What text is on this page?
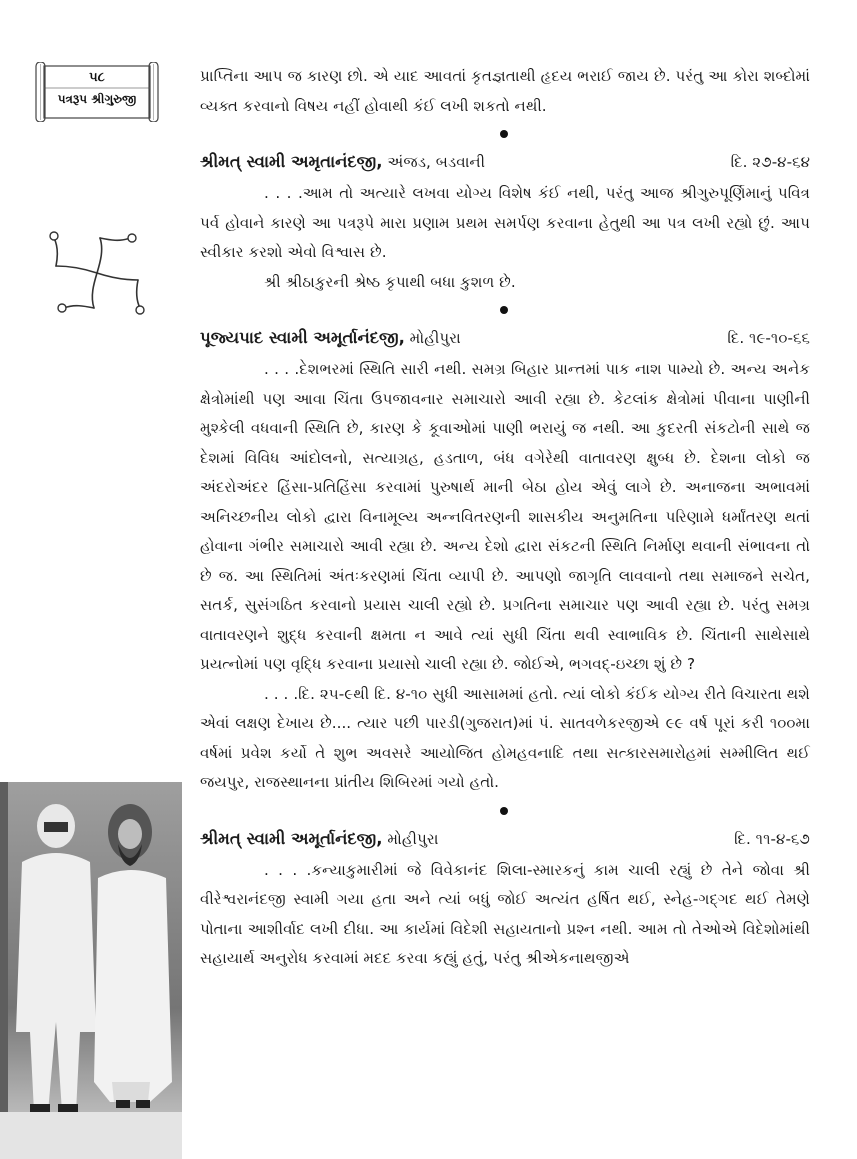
૫૮
પત્રરૂપ શ્રીગુરુજી

પ્રાપ્તિના આપ જ કારણ છો. એ યાદ આવતાં કૃતજ્ઞતાથી હૃદય ભરાઈ જાય છે. પરંતુ આ કોરા શબ્દોમાં વ્યક્ત કરવાનો વિષય નહીં હોવાથી કંઈ લખી શકતો નથી.

શ્રીમત્ સ્વામી અમૃતાનંદજી, અંજડ, બડવાની	દિ. ૨૭-૪-૬૪

. . . .આમ તો અત્યારે લખવા યોગ્ય વિશેષ કંઈ નથી, પરંતુ આજ શ્રીગુરુપૂર્ણિમાનું પવિત્ર પર્વ હોવાને કારણે આ પત્રરૂપે મારા પ્રણામ પ્રથમ સમર્પણ કરવાના હેતુથી આ પત્ર લખી રહ્યો છું. આપ સ્વીકાર કરશો એવો વિશ્વાસ છે.

શ્રી શ્રીઠાકુરની શ્રેષ્ઠ કૃપાથી બધા કુશળ છે.

પૂજ્યપાદ સ્વામી અમૂર્તાનંદજી, મોહીપુરા	દિ. ૧૯-૧૦-૬૬

. . . .દેશભરમાં સ્થિતિ સારી નથી. સમગ્ર બિહાર પ્રાન્તમાં પાક નાશ પામ્યો છે. અન્ય અનેક ક્ષેત્રોમાંથી પણ આવા ચિંતા ઉપજાવનાર સમાચારો આવી રહ્યા છે. કેટલાંક ક્ષેત્રોમાં પીવાના પાણીની મુશ્કેલી વધવાની સ્થિતિ છે, કારણ કે કૂવાઓમાં પાણી ભરાયું જ નથી. આ કુદરતી સંકટોની સાથે જ દેશમાં વિવિધ આંદોલનો, સત્યાગ્રહ, હડતાળ, બંધ વગેરેથી વાતાવરણ ક્ષુબ્ધ છે. દેશના લોકો જ અંદરોઅંદર હિંસા-પ્રતિહિંસા કરવામાં પુરુષાર્થ માની બેઠા હોય એવું લાગે છે. અનાજના અભાવમાં અનિચ્છનીય લોકો દ્વારા વિનામૂલ્ય અન્નવિતરણની શાસકીય અનુમતિના પરિણામે ધર્માંતરણ થતાં હોવાના ગંભીર સમાચારો આવી રહ્યા છે. અન્ય દેશો દ્વારા સંકટની સ્થિતિ નિર્માણ થવાની સંભાવના તો છે જ. આ સ્થિતિમાં અંતઃકરણમાં ચિંતા વ્યાપી છે. આપણો જાગૃતિ લાવવાનો તથા સમાજને સચેત, સતર્ક, સુસંગઠિત કરવાનો પ્રયાસ ચાલી રહ્યો છે. પ્રગતિના સમાચાર પણ આવી રહ્યા છે. પરંતુ સમગ્ર વાતાવરણને શુદ્ધ કરવાની ક્ષમતા ન આવે ત્યાં સુધી ચિંતા થવી સ્વાભાવિક છે. ચિંતાની સાથેસાથે પ્રયત્નોમાં પણ વૃદ્ધિ કરવાના પ્રયાસો ચાલી રહ્યા છે. જોઈએ, ભગવદ્-ઇચ્છા શું છે ?

. . . .દિ. ૨૫-૯થી દિ. ૪-૧૦ સુધી આસામમાં હતો. ત્યાં લોકો કંઈક યોગ્ય રીતે વિચારતા થશે એવાં લક્ષણ દેખાય છે.... ત્યાર પછી પારડી(ગુજરાત)માં પં. સાતવળેકરજીએ ૯૯ વર્ષ પૂરાં કરી ૧૦૦મા વર્ષમાં પ્રવેશ કર્યો તે શુભ અવસરે આયોજિત હોમહવનાદિ તથા સત્કારસમારોહમાં સમ્મીલિત થઈ જયપુર, રાજસ્થાનના પ્રાંતીય શિબિરમાં ગયો હતો.

શ્રીમત્ સ્વામી અમૂર્તાનંદજી, મોહીપુરા	દિ. ૧૧-૪-૬૭

. . . .કન્યાકુમારીમાં જે વિવેકાનંદ શિલા-સ્મારકનું કામ ચાલી રહ્યું છે તેને જોવા શ્રી વીરેશ્વરાનંદજી સ્વામી ગયા હતા અને ત્યાં બધું જોઈ અત્યંત હર્ષિત થઈ, સ્નેહ-ગદ્ગદ થઈ તેમણે પોતાના આશીર્વાદ લખી દીધા. આ કાર્યમાં વિદેશી સહાયતાનો પ્રશ્ન નથી. આમ તો તેઓએ વિદેશોમાંથી સહાયાર્થ અનુરોધ કરવામાં મદદ કરવા કહ્યું હતું, પરંતુ શ્રીએકનાથજીએ
